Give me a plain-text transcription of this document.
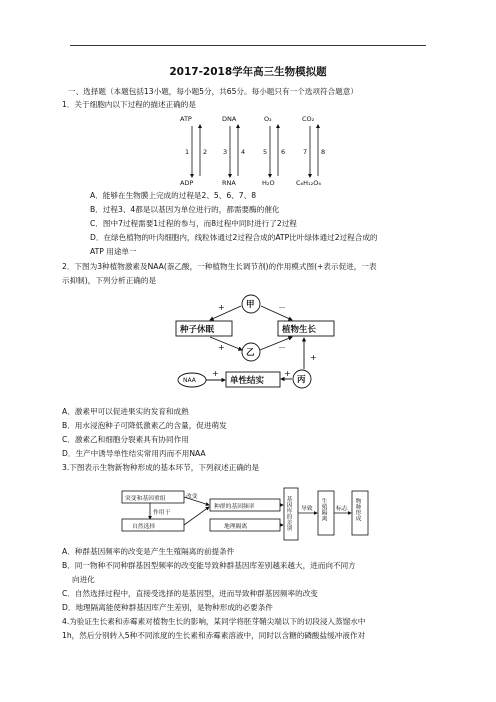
2017-2018学年高三生物模拟题
一、选择题（本题包括13小题，每小题5分，共65分。每小题只有一个选项符合题意）
1．关于细胞内以下过程的描述正确的是
ATP	DNA	O₂	CO₂
ADP	RNA	H₂O	C₆H₁₂O₆
1 2 3 4	5 6	7 8
A．能够在生物膜上完成的过程是2、5、6、7、8
B．过程3、4都是以基因为单位进行的，都需要酶的催化
C．图中7过程需要1过程的参与，而8过程中同时进行了2过程
D．在绿色植物的叶肉细胞内，线粒体通过2过程合成的ATP比叶绿体通过2过程合成的
ATP 用途单一
2．下图为3种植物激素及NAA(萘乙酸，一种植物生长调节剂)的作用模式图(+表示促进，一表
示抑制)，下列分析正确的是
甲
种子休眠	植物生长
乙
单性结实	丙
NAA
+	－
+	－
+
+
+
A．激素甲可以促进果实的发育和成熟
B．用水浸泡种子可降低激素乙的含量，促进萌发
C．激素乙和细胞分裂素具有协同作用
D．生产中诱导单性结实常用丙而不用NAA
3.下图表示生物新物种形成的基本环节，下列叙述正确的是
突变和基因重组
作用于
自然选择
改变
种群的基因频率
地理隔离
导致	标志
基因库的差别	生殖隔离	物种形成
A．种群基因频率的改变是产生生殖隔离的前提条件
B．同一物种不同种群基因型频率的改变能导致种群基因库差别越来越大，进而向不同方
向进化
C．自然选择过程中，直接受选择的是基因型，进而导致种群基因频率的改变
D．地理隔离能使种群基因库产生差别，是物种形成的必要条件
4.为验证生长素和赤霉素对植物生长的影响，某同学将胚芽鞘尖端以下的切段浸入蒸馏水中
1h，然后分别转入5种不同浓度的生长素和赤霉素溶液中，同时以含糖的磷酸盐缓冲液作对
